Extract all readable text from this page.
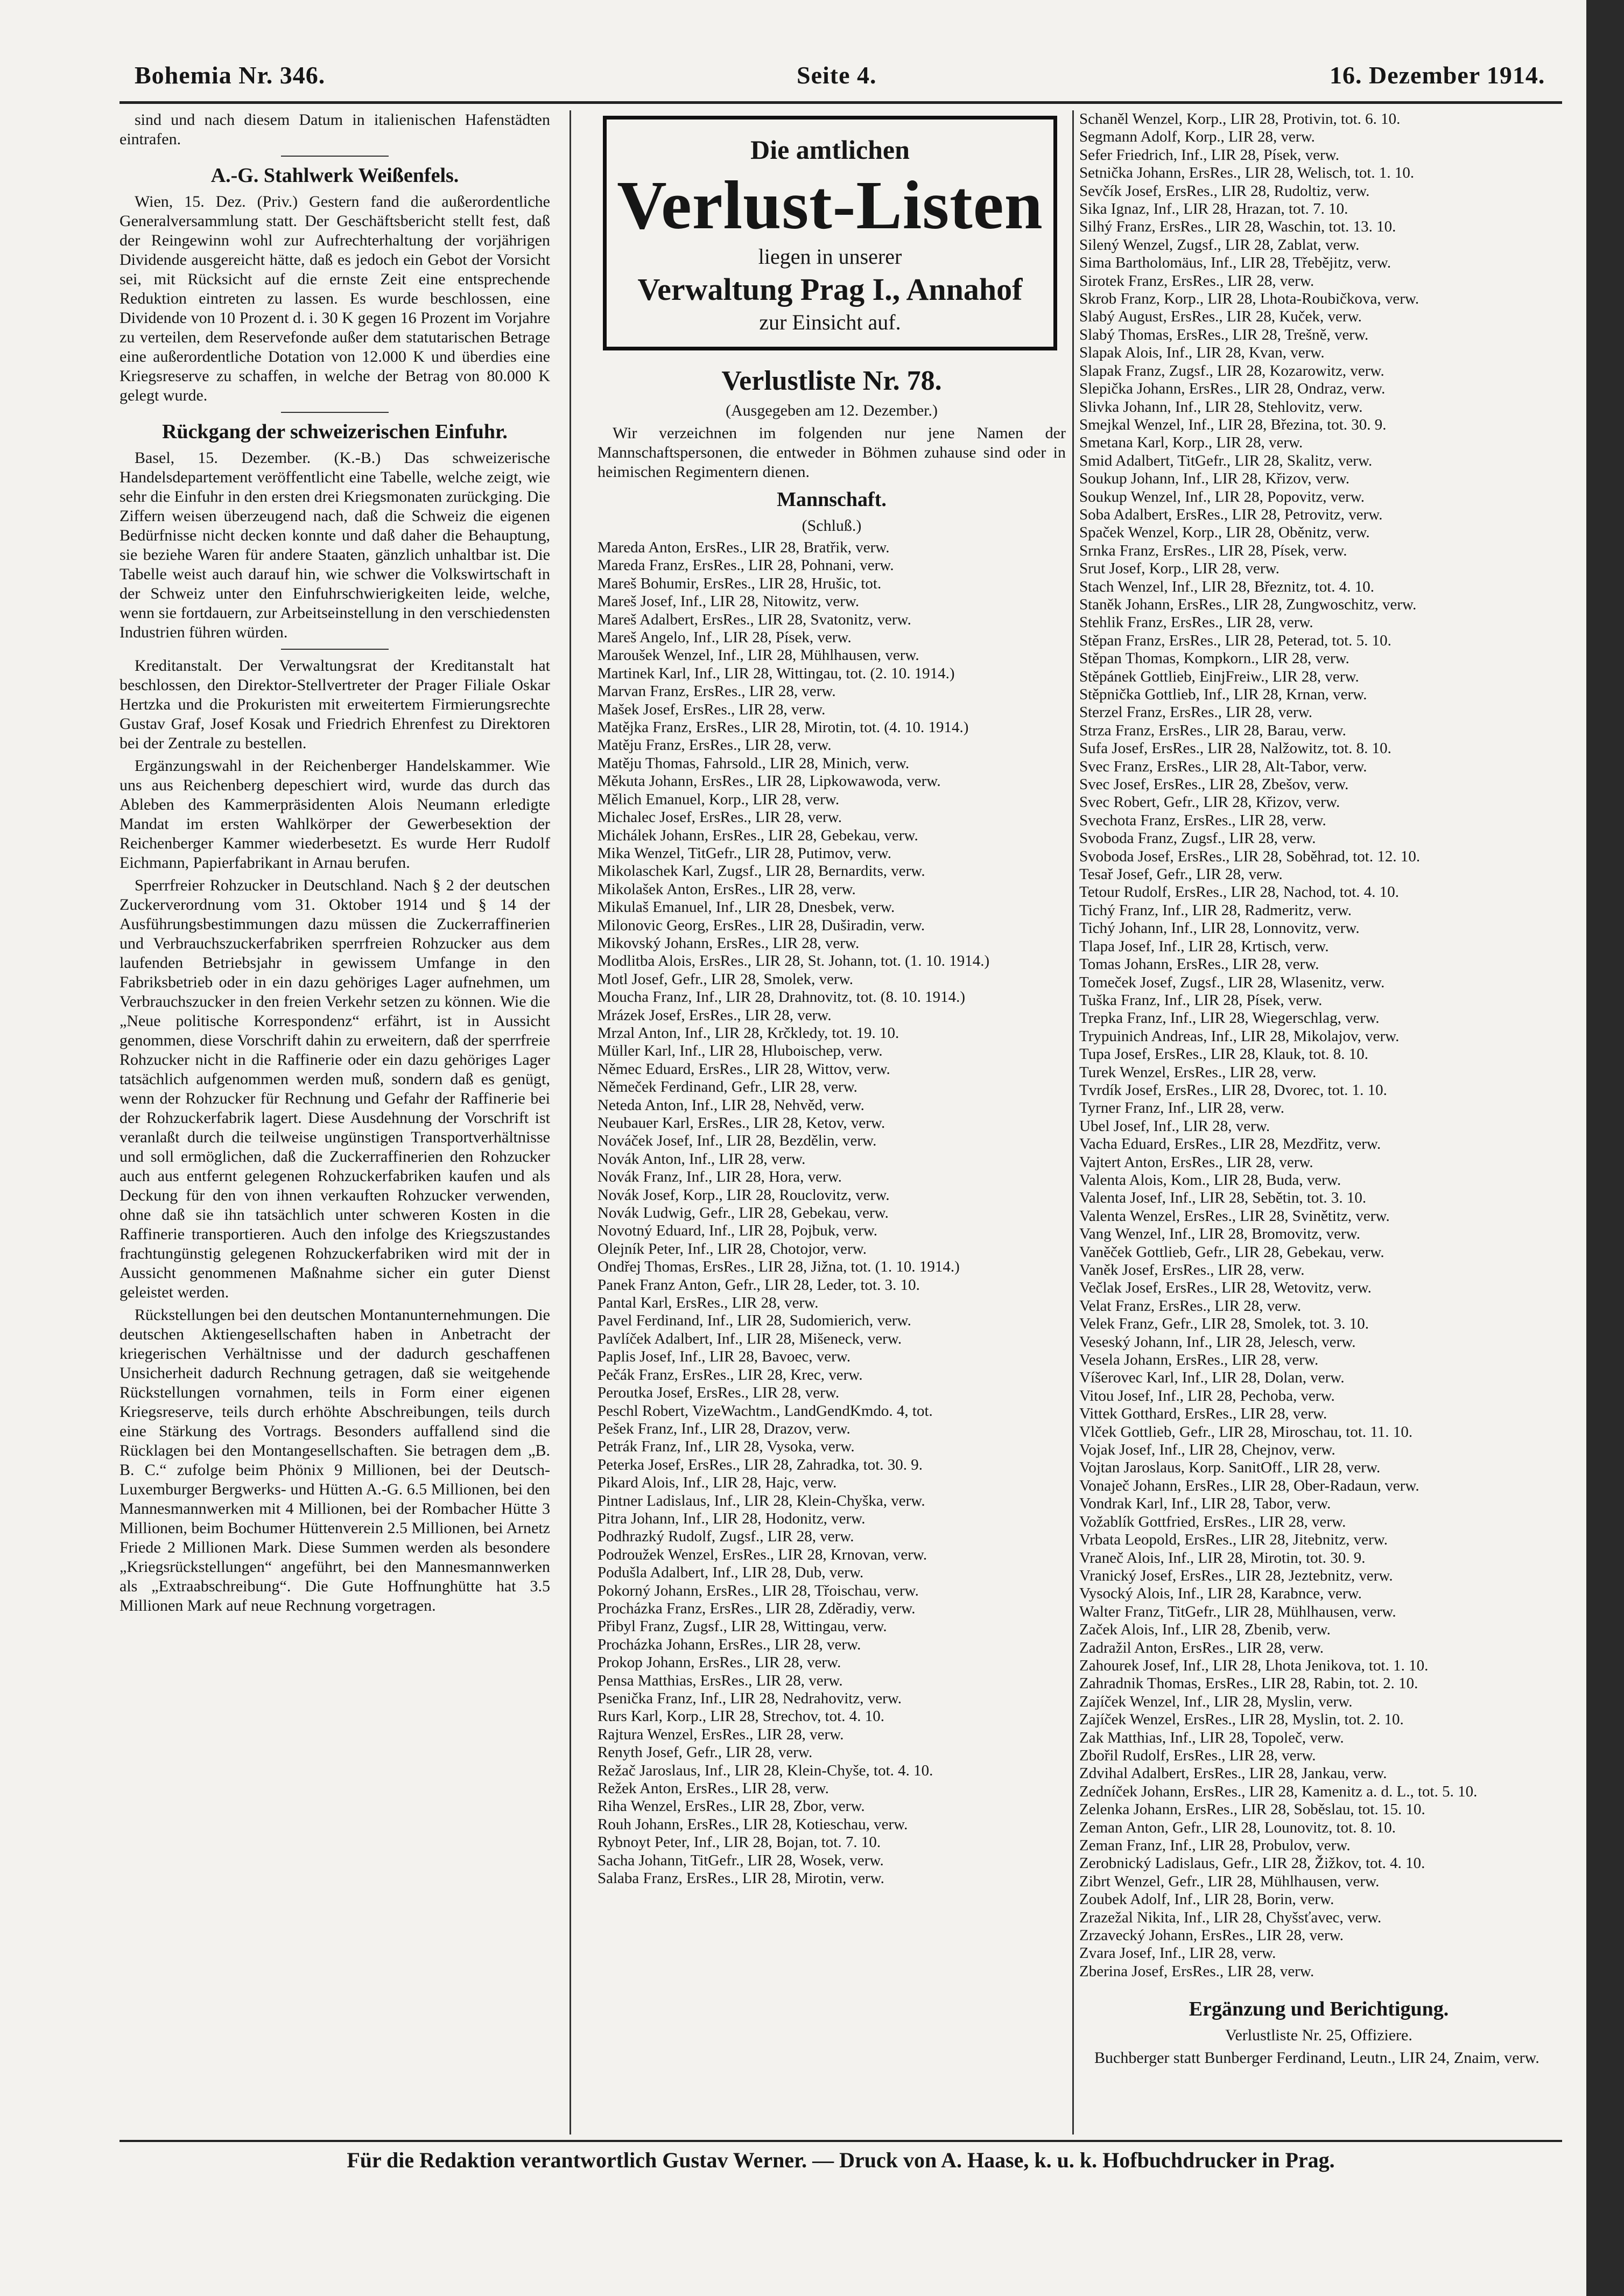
Bohemia Nr. 346.	Seite 4.	16. Dezember 1914.

sind und nach diesem Datum in italienischen Hafenstädten eintrafen.

A.-G. Stahlwerk Weißenfels.

Wien, 15. Dez. (Priv.) Gestern fand die außerordentliche Generalversammlung statt. Der Geschäftsbericht stellt fest, daß der Reingewinn wohl zur Aufrechterhaltung der vorjährigen Dividende ausgereicht hätte, daß es jedoch ein Gebot der Vorsicht sei, mit Rücksicht auf die ernste Zeit eine entsprechende Reduktion eintreten zu lassen. Es wurde beschlossen, eine Dividende von 10 Prozent d. i. 30 K gegen 16 Prozent im Vorjahre zu verteilen, dem Reservefonde außer dem statutarischen Betrage eine außerordentliche Dotation von 12.000 K und überdies eine Kriegsreserve zu schaffen, in welche der Betrag von 80.000 K gelegt wurde.

Rückgang der schweizerischen Einfuhr.

Basel, 15. Dezember. (K.-B.) Das schweizerische Handelsdepartement veröffentlicht eine Tabelle, welche zeigt, wie sehr die Einfuhr in den ersten drei Kriegsmonaten zurückging. Die Ziffern weisen überzeugend nach, daß die Schweiz die eigenen Bedürfnisse nicht decken konnte und daß daher die Behauptung, sie beziehe Waren für andere Staaten, gänzlich unhaltbar ist. Die Tabelle weist auch darauf hin, wie schwer die Volkswirtschaft in der Schweiz unter den Einfuhrschwierigkeiten leide, welche, wenn sie fortdauern, zur Arbeitseinstellung in den verschiedensten Industrien führen würden.

Kreditanstalt. Der Verwaltungsrat der Kreditanstalt hat beschlossen, den Direktor-Stellvertreter der Prager Filiale Oskar Hertzka und die Prokuristen mit erweitertem Firmierungsrechte Gustav Graf, Josef Kosak und Friedrich Ehrenfest zu Direktoren bei der Zentrale zu bestellen.

Ergänzungswahl in der Reichenberger Handelskammer. Wie uns aus Reichenberg depeschiert wird, wurde das durch das Ableben des Kammerpräsidenten Alois Neumann erledigte Mandat im ersten Wahlkörper der Gewerbesektion der Reichenberger Kammer wiederbesetzt. Es wurde Herr Rudolf Eichmann, Papierfabrikant in Arnau berufen.

Sperrfreier Rohzucker in Deutschland. Nach § 2 der deutschen Zuckerverordnung vom 31. Oktober 1914 und § 14 der Ausführungsbestimmungen dazu müssen die Zuckerraffinerien und Verbrauchszuckerfabriken sperrfreien Rohzucker aus dem laufenden Betriebsjahr in gewissem Umfange in den Fabriksbetrieb oder in ein dazu gehöriges Lager aufnehmen, um Verbrauchszucker in den freien Verkehr setzen zu können. Wie die „Neue politische Korrespondenz“ erfährt, ist in Aussicht genommen, diese Vorschrift dahin zu erweitern, daß der sperrfreie Rohzucker nicht in die Raffinerie oder ein dazu gehöriges Lager tatsächlich aufgenommen werden muß, sondern daß es genügt, wenn der Rohzucker für Rechnung und Gefahr der Raffinerie bei der Rohzuckerfabrik lagert. Diese Ausdehnung der Vorschrift ist veranlaßt durch die teilweise ungünstigen Transportverhältnisse und soll ermöglichen, daß die Zuckerraffinerien den Rohzucker auch aus entfernt gelegenen Rohzuckerfabriken kaufen und als Deckung für den von ihnen verkauften Rohzucker verwenden, ohne daß sie ihn tatsächlich unter schweren Kosten in die Raffinerie transportieren. Auch den infolge des Kriegszustandes frachtungünstig gelegenen Rohzuckerfabriken wird mit der in Aussicht genommenen Maßnahme sicher ein guter Dienst geleistet werden.

Rückstellungen bei den deutschen Montanunternehmungen. Die deutschen Aktiengesellschaften haben in Anbetracht der kriegerischen Verhältnisse und der dadurch geschaffenen Unsicherheit dadurch Rechnung getragen, daß sie weitgehende Rückstellungen vornahmen, teils in Form einer eigenen Kriegsreserve, teils durch erhöhte Abschreibungen, teils durch eine Stärkung des Vortrags. Besonders auffallend sind die Rücklagen bei den Montangesellschaften. Sie betragen dem „B. B. C.“ zufolge beim Phönix 9 Millionen, bei der Deutsch-Luxemburger Bergwerks- und Hütten A.-G. 6.5 Millionen, bei den Mannesmannwerken mit 4 Millionen, bei der Rombacher Hütte 3 Millionen, beim Bochumer Hüttenverein 2.5 Millionen, bei Arnetz Friede 2 Millionen Mark. Diese Summen werden als besondere „Kriegsrückstellungen“ angeführt, bei den Mannesmannwerken als „Extraabschreibung“. Die Gute Hoffnunghütte hat 3.5 Millionen Mark auf neue Rechnung vorgetragen.

Die amtlichen
Verlust-Listen
liegen in unserer
Verwaltung Prag I., Annahof
zur Einsicht auf.
Verlustliste Nr. 78.

(Ausgegeben am 12. Dezember.)

Wir verzeichnen im folgenden nur jene Namen der Mannschaftspersonen, die entweder in Böhmen zuhause sind oder in heimischen Regimentern dienen.

Mannschaft.

(Schluß.)

Mareda Anton, ErsRes., LIR 28, Bratřik, verw.

Mareda Franz, ErsRes., LIR 28, Pohnani, verw.

Mareš Bohumir, ErsRes., LIR 28, Hrušic, tot.

Mareš Josef, Inf., LIR 28, Nitowitz, verw.

Mareš Adalbert, ErsRes., LIR 28, Svatonitz, verw.

Mareš Angelo, Inf., LIR 28, Písek, verw.

Maroušek Wenzel, Inf., LIR 28, Mühlhausen, verw.

Martinek Karl, Inf., LIR 28, Wittingau, tot. (2. 10. 1914.)

Marvan Franz, ErsRes., LIR 28, verw.

Mašek Josef, ErsRes., LIR 28, verw.

Matějka Franz, ErsRes., LIR 28, Mirotin, tot. (4. 10. 1914.)

Matěju Franz, ErsRes., LIR 28, verw.

Matěju Thomas, Fahrsold., LIR 28, Minich, verw.

Měkuta Johann, ErsRes., LIR 28, Lipkowawoda, verw.

Mělich Emanuel, Korp., LIR 28, verw.

Michalec Josef, ErsRes., LIR 28, verw.

Michálek Johann, ErsRes., LIR 28, Gebekau, verw.

Mika Wenzel, TitGefr., LIR 28, Putimov, verw.

Mikolaschek Karl, Zugsf., LIR 28, Bernardits, verw.

Mikolašek Anton, ErsRes., LIR 28, verw.

Mikulaš Emanuel, Inf., LIR 28, Dnesbek, verw.

Milonovic Georg, ErsRes., LIR 28, Duširadin, verw.

Mikovský Johann, ErsRes., LIR 28, verw.

Modlitba Alois, ErsRes., LIR 28, St. Johann, tot. (1. 10. 1914.)

Motl Josef, Gefr., LIR 28, Smolek, verw.

Moucha Franz, Inf., LIR 28, Drahnovitz, tot. (8. 10. 1914.)

Mrázek Josef, ErsRes., LIR 28, verw.

Mrzal Anton, Inf., LIR 28, Krčkledy, tot. 19. 10.

Müller Karl, Inf., LIR 28, Hluboischep, verw.

Němec Eduard, ErsRes., LIR 28, Wittov, verw.

Němeček Ferdinand, Gefr., LIR 28, verw.

Neteda Anton, Inf., LIR 28, Nehvěd, verw.

Neubauer Karl, ErsRes., LIR 28, Ketov, verw.

Nováček Josef, Inf., LIR 28, Bezdělin, verw.

Novák Anton, Inf., LIR 28, verw.

Novák Franz, Inf., LIR 28, Hora, verw.

Novák Josef, Korp., LIR 28, Rouclovitz, verw.

Novák Ludwig, Gefr., LIR 28, Gebekau, verw.

Novotný Eduard, Inf., LIR 28, Pojbuk, verw.

Olejník Peter, Inf., LIR 28, Chotojor, verw.

Ondřej Thomas, ErsRes., LIR 28, Jižna, tot. (1. 10. 1914.)

Panek Franz Anton, Gefr., LIR 28, Leder, tot. 3. 10.

Pantal Karl, ErsRes., LIR 28, verw.

Pavel Ferdinand, Inf., LIR 28, Sudomierich, verw.

Pavlíček Adalbert, Inf., LIR 28, Mišeneck, verw.

Paplis Josef, Inf., LIR 28, Bavoec, verw.

Pečák Franz, ErsRes., LIR 28, Krec, verw.

Peroutka Josef, ErsRes., LIR 28, verw.

Peschl Robert, VizeWachtm., LandGendKmdo. 4, tot.

Pešek Franz, Inf., LIR 28, Drazov, verw.

Petrák Franz, Inf., LIR 28, Vysoka, verw.

Peterka Josef, ErsRes., LIR 28, Zahradka, tot. 30. 9.

Pikard Alois, Inf., LIR 28, Hajc, verw.

Pintner Ladislaus, Inf., LIR 28, Klein-Chyška, verw.

Pitra Johann, Inf., LIR 28, Hodonitz, verw.

Podhrazký Rudolf, Zugsf., LIR 28, verw.

Podroužek Wenzel, ErsRes., LIR 28, Krnovan, verw.

Podušla Adalbert, Inf., LIR 28, Dub, verw.

Pokorný Johann, ErsRes., LIR 28, Třoischau, verw.

Procházka Franz, ErsRes., LIR 28, Zděradiy, verw.

Přibyl Franz, Zugsf., LIR 28, Wittingau, verw.

Procházka Johann, ErsRes., LIR 28, verw.

Prokop Johann, ErsRes., LIR 28, verw.

Pensa Matthias, ErsRes., LIR 28, verw.

Psenička Franz, Inf., LIR 28, Nedrahovitz, verw.

Rurs Karl, Korp., LIR 28, Strechov, tot. 4. 10.

Rajtura Wenzel, ErsRes., LIR 28, verw.

Renyth Josef, Gefr., LIR 28, verw.

Režač Jaroslaus, Inf., LIR 28, Klein-Chyše, tot. 4. 10.

Režek Anton, ErsRes., LIR 28, verw.

Riha Wenzel, ErsRes., LIR 28, Zbor, verw.

Rouh Johann, ErsRes., LIR 28, Kotieschau, verw.

Rybnoyt Peter, Inf., LIR 28, Bojan, tot. 7. 10.

Sacha Johann, TitGefr., LIR 28, Wosek, verw.

Salaba Franz, ErsRes., LIR 28, Mirotin, verw.

Schaněl Wenzel, Korp., LIR 28, Protivin, tot. 6. 10.

Segmann Adolf, Korp., LIR 28, verw.

Sefer Friedrich, Inf., LIR 28, Písek, verw.

Setnička Johann, ErsRes., LIR 28, Welisch, tot. 1. 10.

Sevčík Josef, ErsRes., LIR 28, Rudoltiz, verw.

Sika Ignaz, Inf., LIR 28, Hrazan, tot. 7. 10.

Silhý Franz, ErsRes., LIR 28, Waschin, tot. 13. 10.

Silený Wenzel, Zugsf., LIR 28, Zablat, verw.

Sima Bartholomäus, Inf., LIR 28, Třebějitz, verw.

Sirotek Franz, ErsRes., LIR 28, verw.

Skrob Franz, Korp., LIR 28, Lhota-Roubičkova, verw.

Slabý August, ErsRes., LIR 28, Kuček, verw.

Slabý Thomas, ErsRes., LIR 28, Trešně, verw.

Slapak Alois, Inf., LIR 28, Kvan, verw.

Slapak Franz, Zugsf., LIR 28, Kozarowitz, verw.

Slepička Johann, ErsRes., LIR 28, Ondraz, verw.

Slivka Johann, Inf., LIR 28, Stehlovitz, verw.

Smejkal Wenzel, Inf., LIR 28, Březina, tot. 30. 9.

Smetana Karl, Korp., LIR 28, verw.

Smid Adalbert, TitGefr., LIR 28, Skalitz, verw.

Soukup Johann, Inf., LIR 28, Křizov, verw.

Soukup Wenzel, Inf., LIR 28, Popovitz, verw.

Soba Adalbert, ErsRes., LIR 28, Petrovitz, verw.

Spaček Wenzel, Korp., LIR 28, Oběnitz, verw.

Srnka Franz, ErsRes., LIR 28, Písek, verw.

Srut Josef, Korp., LIR 28, verw.

Stach Wenzel, Inf., LIR 28, Březnitz, tot. 4. 10.

Staněk Johann, ErsRes., LIR 28, Zungwoschitz, verw.

Stehlik Franz, ErsRes., LIR 28, verw.

Stěpan Franz, ErsRes., LIR 28, Peterad, tot. 5. 10.

Stěpan Thomas, Kompkorn., LIR 28, verw.

Stěpánek Gottlieb, EinjFreiw., LIR 28, verw.

Stěpnička Gottlieb, Inf., LIR 28, Krnan, verw.

Sterzel Franz, ErsRes., LIR 28, verw.

Strza Franz, ErsRes., LIR 28, Barau, verw.

Sufa Josef, ErsRes., LIR 28, Nalžowitz, tot. 8. 10.

Svec Franz, ErsRes., LIR 28, Alt-Tabor, verw.

Svec Josef, ErsRes., LIR 28, Zbešov, verw.

Svec Robert, Gefr., LIR 28, Křizov, verw.

Svechota Franz, ErsRes., LIR 28, verw.

Svoboda Franz, Zugsf., LIR 28, verw.

Svoboda Josef, ErsRes., LIR 28, Soběhrad, tot. 12. 10.

Tesař Josef, Gefr., LIR 28, verw.

Tetour Rudolf, ErsRes., LIR 28, Nachod, tot. 4. 10.

Tichý Franz, Inf., LIR 28, Radmeritz, verw.

Tichý Johann, Inf., LIR 28, Lonnovitz, verw.

Tlapa Josef, Inf., LIR 28, Krtisch, verw.

Tomas Johann, ErsRes., LIR 28, verw.

Tomeček Josef, Zugsf., LIR 28, Wlasenitz, verw.

Tuška Franz, Inf., LIR 28, Písek, verw.

Trepka Franz, Inf., LIR 28, Wiegerschlag, verw.

Trypuinich Andreas, Inf., LIR 28, Mikolajov, verw.

Tupa Josef, ErsRes., LIR 28, Klauk, tot. 8. 10.

Turek Wenzel, ErsRes., LIR 28, verw.

Tvrdík Josef, ErsRes., LIR 28, Dvorec, tot. 1. 10.

Tyrner Franz, Inf., LIR 28, verw.

Ubel Josef, Inf., LIR 28, verw.

Vacha Eduard, ErsRes., LIR 28, Mezdřitz, verw.

Vajtert Anton, ErsRes., LIR 28, verw.

Valenta Alois, Kom., LIR 28, Buda, verw.

Valenta Josef, Inf., LIR 28, Sebětin, tot. 3. 10.

Valenta Wenzel, ErsRes., LIR 28, Svinětitz, verw.

Vang Wenzel, Inf., LIR 28, Bromovitz, verw.

Vaněček Gottlieb, Gefr., LIR 28, Gebekau, verw.

Vaněk Josef, ErsRes., LIR 28, verw.

Večlak Josef, ErsRes., LIR 28, Wetovitz, verw.

Velat Franz, ErsRes., LIR 28, verw.

Velek Franz, Gefr., LIR 28, Smolek, tot. 3. 10.

Veseský Johann, Inf., LIR 28, Jelesch, verw.

Vesela Johann, ErsRes., LIR 28, verw.

Víšerovec Karl, Inf., LIR 28, Dolan, verw.

Vitou Josef, Inf., LIR 28, Pechoba, verw.

Vittek Gotthard, ErsRes., LIR 28, verw.

Vlček Gottlieb, Gefr., LIR 28, Miroschau, tot. 11. 10.

Vojak Josef, Inf., LIR 28, Chejnov, verw.

Vojtan Jaroslaus, Korp. SanitOff., LIR 28, verw.

Vonaječ Johann, ErsRes., LIR 28, Ober-Radaun, verw.

Vondrak Karl, Inf., LIR 28, Tabor, verw.

Vožablík Gottfried, ErsRes., LIR 28, verw.

Vrbata Leopold, ErsRes., LIR 28, Jitebnitz, verw.

Vraneč Alois, Inf., LIR 28, Mirotin, tot. 30. 9.

Vranický Josef, ErsRes., LIR 28, Jeztebnitz, verw.

Vysocký Alois, Inf., LIR 28, Karabnce, verw.

Walter Franz, TitGefr., LIR 28, Mühlhausen, verw.

Začek Alois, Inf., LIR 28, Zbenib, verw.

Zadražil Anton, ErsRes., LIR 28, verw.

Zahourek Josef, Inf., LIR 28, Lhota Jenikova, tot. 1. 10.

Zahradnik Thomas, ErsRes., LIR 28, Rabin, tot. 2. 10.

Zajíček Wenzel, Inf., LIR 28, Myslin, verw.

Zajíček Wenzel, ErsRes., LIR 28, Myslin, tot. 2. 10.

Zak Matthias, Inf., LIR 28, Topoleč, verw.

Zbořil Rudolf, ErsRes., LIR 28, verw.

Zdvihal Adalbert, ErsRes., LIR 28, Jankau, verw.

Zedníček Johann, ErsRes., LIR 28, Kamenitz a. d. L., tot. 5. 10.

Zelenka Johann, ErsRes., LIR 28, Soběslau, tot. 15. 10.

Zeman Anton, Gefr., LIR 28, Lounovitz, tot. 8. 10.

Zeman Franz, Inf., LIR 28, Probulov, verw.

Zerobnický Ladislaus, Gefr., LIR 28, Žižkov, tot. 4. 10.

Zibrt Wenzel, Gefr., LIR 28, Mühlhausen, verw.

Zoubek Adolf, Inf., LIR 28, Borin, verw.

Zrazežal Nikita, Inf., LIR 28, Chyšsťavec, verw.

Zrzavecký Johann, ErsRes., LIR 28, verw.

Zvara Josef, Inf., LIR 28, verw.

Zberina Josef, ErsRes., LIR 28, verw.

Ergänzung und Berichtigung.

Verlustliste Nr. 25, Offiziere.

Buchberger statt Bunberger Ferdinand, Leutn., LIR 24, Znaim, verw.

Für die Redaktion verantwortlich Gustav Werner. — Druck von A. Haase, k. u. k. Hofbuchdrucker in Prag.
